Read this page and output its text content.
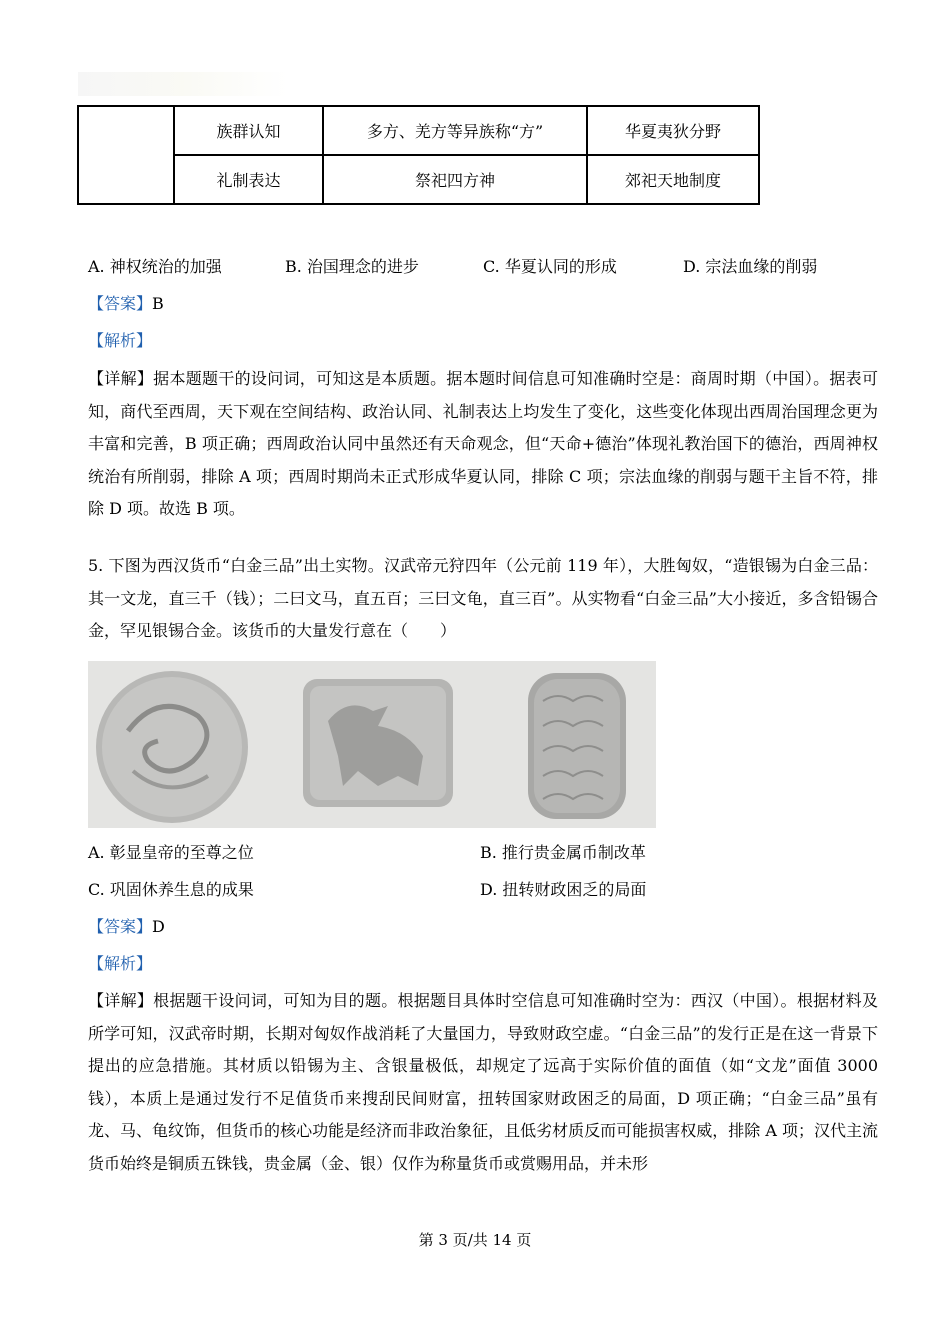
	族群认知	多方、羌方等异族称“方”	华夏夷狄分野
	礼制表达	祭祀四方神	郊祀天地制度
A. 神权统治的加强	B. 治国理念的进步	C. 华夏认同的形成	D. 宗法血缘的削弱
【答案】B
【解析】
【详解】据本题题干的设问词，可知这是本质题。据本题时间信息可知准确时空是：商周时期（中国）。据表可知，商代至西周，天下观在空间结构、政治认同、礼制表达上均发生了变化，这些变化体现出西周治国理念更为丰富和完善，B 项正确；西周政治认同中虽然还有天命观念，但“天命+德治”体现礼教治国下的德治，西周神权统治有所削弱，排除 A 项；西周时期尚未正式形成华夏认同，排除 C 项；宗法血缘的削弱与题干主旨不符，排除 D 项。故选 B 项。
5. 下图为西汉货币“白金三品”出土实物。汉武帝元狩四年（公元前 119 年），大胜匈奴，“造银锡为白金三品：其一文龙，直三千（钱）；二曰文马，直五百；三曰文龟，直三百”。从实物看“白金三品”大小接近，多含铅锡合金，罕见银锡合金。该货币的大量发行意在（　　）
A. 彰显皇帝的至尊之位	B. 推行贵金属币制改革
C. 巩固休养生息的成果	D. 扭转财政困乏的局面
【答案】D
【解析】
【详解】根据题干设问词，可知为目的题。根据题目具体时空信息可知准确时空为：西汉（中国）。根据材料及所学可知，汉武帝时期，长期对匈奴作战消耗了大量国力，导致财政空虚。“白金三品”的发行正是在这一背景下提出的应急措施。其材质以铅锡为主、含银量极低，却规定了远高于实际价值的面值（如“文龙”面值 3000 钱），本质上是通过发行不足值货币来搜刮民间财富，扭转国家财政困乏的局面，D 项正确；“白金三品”虽有龙、马、龟纹饰，但货币的核心功能是经济而非政治象征，且低劣材质反而可能损害权威，排除 A 项；汉代主流货币始终是铜质五铢钱，贵金属（金、银）仅作为称量货币或赏赐用品，并未形
第 3 页/共 14 页
